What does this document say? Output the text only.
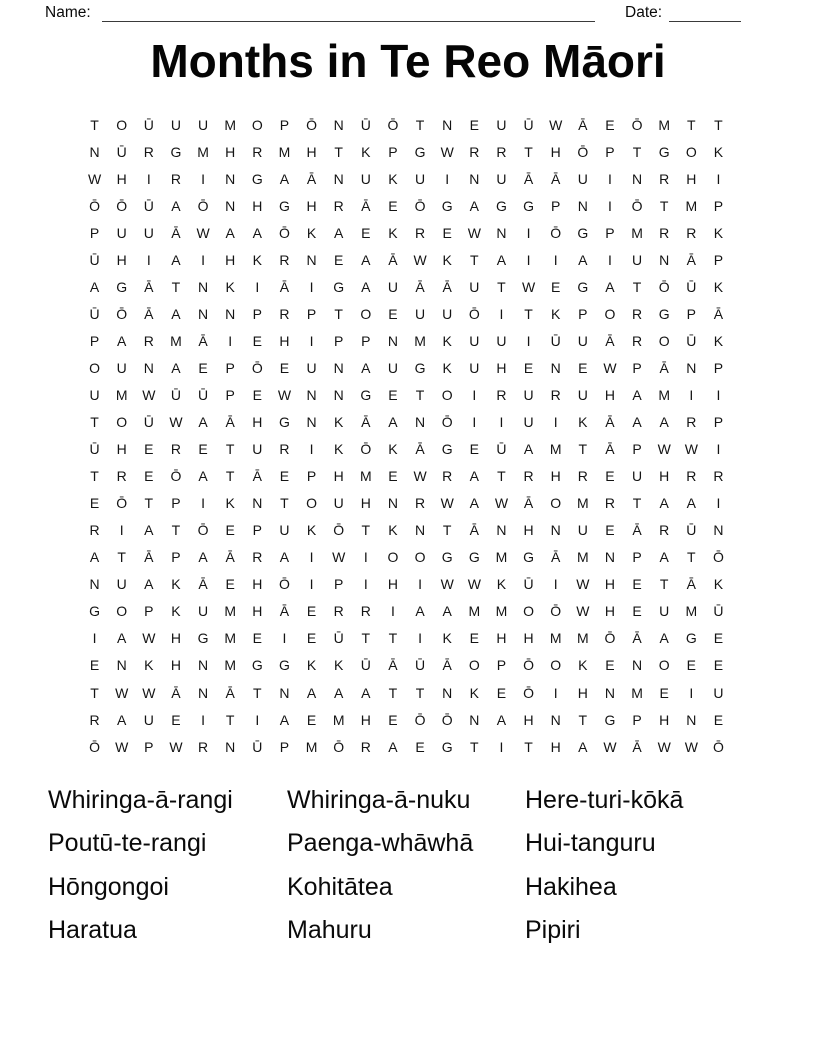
Name:	Date:
Months in Te Reo Māori
T	O	Ū	U	U	M	O	P	Ō	N	Ū	Ō	T	N	E	U	Ū	W	Ā	E	Ō	M	T	T
N	Ū	R	G	M	H	R	M	H	T	K	P	G	W	R	R	T	H	Ō	P	T	G	O	K
W	H	I	R	I	N	G	A	Ā	N	U	K	U	I	N	U	Ā	Ā	U	I	N	R	H	I
Ō	Ō	Ū	A	Ō	N	H	G	H	R	Ā	E	Ō	G	A	G	G	P	N	I	Ō	T	M	P
P	U	U	Ā	W	A	A	Ō	K	A	E	K	R	E	W	N	I	Ō	G	P	M	R	R	K
Ū	H	I	A	I	H	K	R	N	E	A	Ā	W	K	T	A	I	I	A	I	U	N	Ā	P
A	G	Ā	T	N	K	I	Ā	I	G	A	U	Ā	Ā	U	T	W	E	G	A	T	Ō	Ū	K
Ū	Ō	Ā	A	N	N	P	R	P	T	O	E	U	U	Ō	I	T	K	P	O	R	G	P	Ā
P	A	R	M	Ā	I	E	H	I	P	P	N	M	K	U	U	I	Ū	U	Ā	R	O	Ū	K
O	U	N	A	E	P	Ō	E	U	N	A	U	G	K	U	H	E	N	E	W	P	Ā	N	P
U	M	W	Ū	Ū	P	E	W	N	N	G	E	T	O	I	R	U	R	U	H	A	M	I	I
T	O	Ū	W	A	Ā	H	G	N	K	Ā	A	N	Ō	I	I	U	I	K	Ā	A	A	R	P
Ū	H	E	R	E	T	U	R	I	K	Ō	K	Ā	G	E	Ū	A	M	T	Ā	P	W W	I
T	R	E	Ō	A	T	Ā	E	P	H	M	E	W	R	A	T	R	H	R	E	U	H	R	R
E	Ō	T	P	I	K	N	T	O	U	H	N	R	W	A	W	Ā	O	M	R	T	A	A	I
R	I	A	T	Ō	E	P	U	K	Ō	T	K	N	T	Ā	N	H	N	U	E	Ā	R	Ū	N
A	T	Ā	P	A	Ā	R	A	I	W	I	O	O	G	G	M	G	Ā	M	N	P	A	T	Ō
N	U	A	K	Ā	E	H	Ō	I	P	I	H	I	W W	K	Ū	I	W	H	E	T	Ā	K
G	O	P	K	U	M	H	Ā	E	R	R	I	A	A	M	M	O	Ō	W	H	E	U	M	Ū
I	A	W	H	G	M	E	I	E	Ū	T	T	I	K	E	H	H	M	M	Ō	Ā	A	G	E
E	N	K	H	N	M	G	G	K	K	Ū	Ā	Ū	Ā	O	P	Ō	O	K	E	N	O	E	E
T	W W	Ā	N	Ā	T	N	A	A	A	T	T	N	K	E	Ō	I	H	N	M	E	I	U
R	A	U	E	I	T	I	A	E	M	H	E	Ō	Ō	N	A	H	N	T	G	P	H	N	E
Ō	W	P	W	R	N	Ū	P	M	Ō	R	A	E	G	T	I	T	H	A	W	Ā	W W	Ō
Whiringa-ā-rangi	Whiringa-ā-nuku	Here-turi-kōkā
Poutū-te-rangi	Paenga-whāwhā	Hui-tanguru
Hōngongoi	Kohitātea	Hakihea
Haratua	Mahuru	Pipiri
